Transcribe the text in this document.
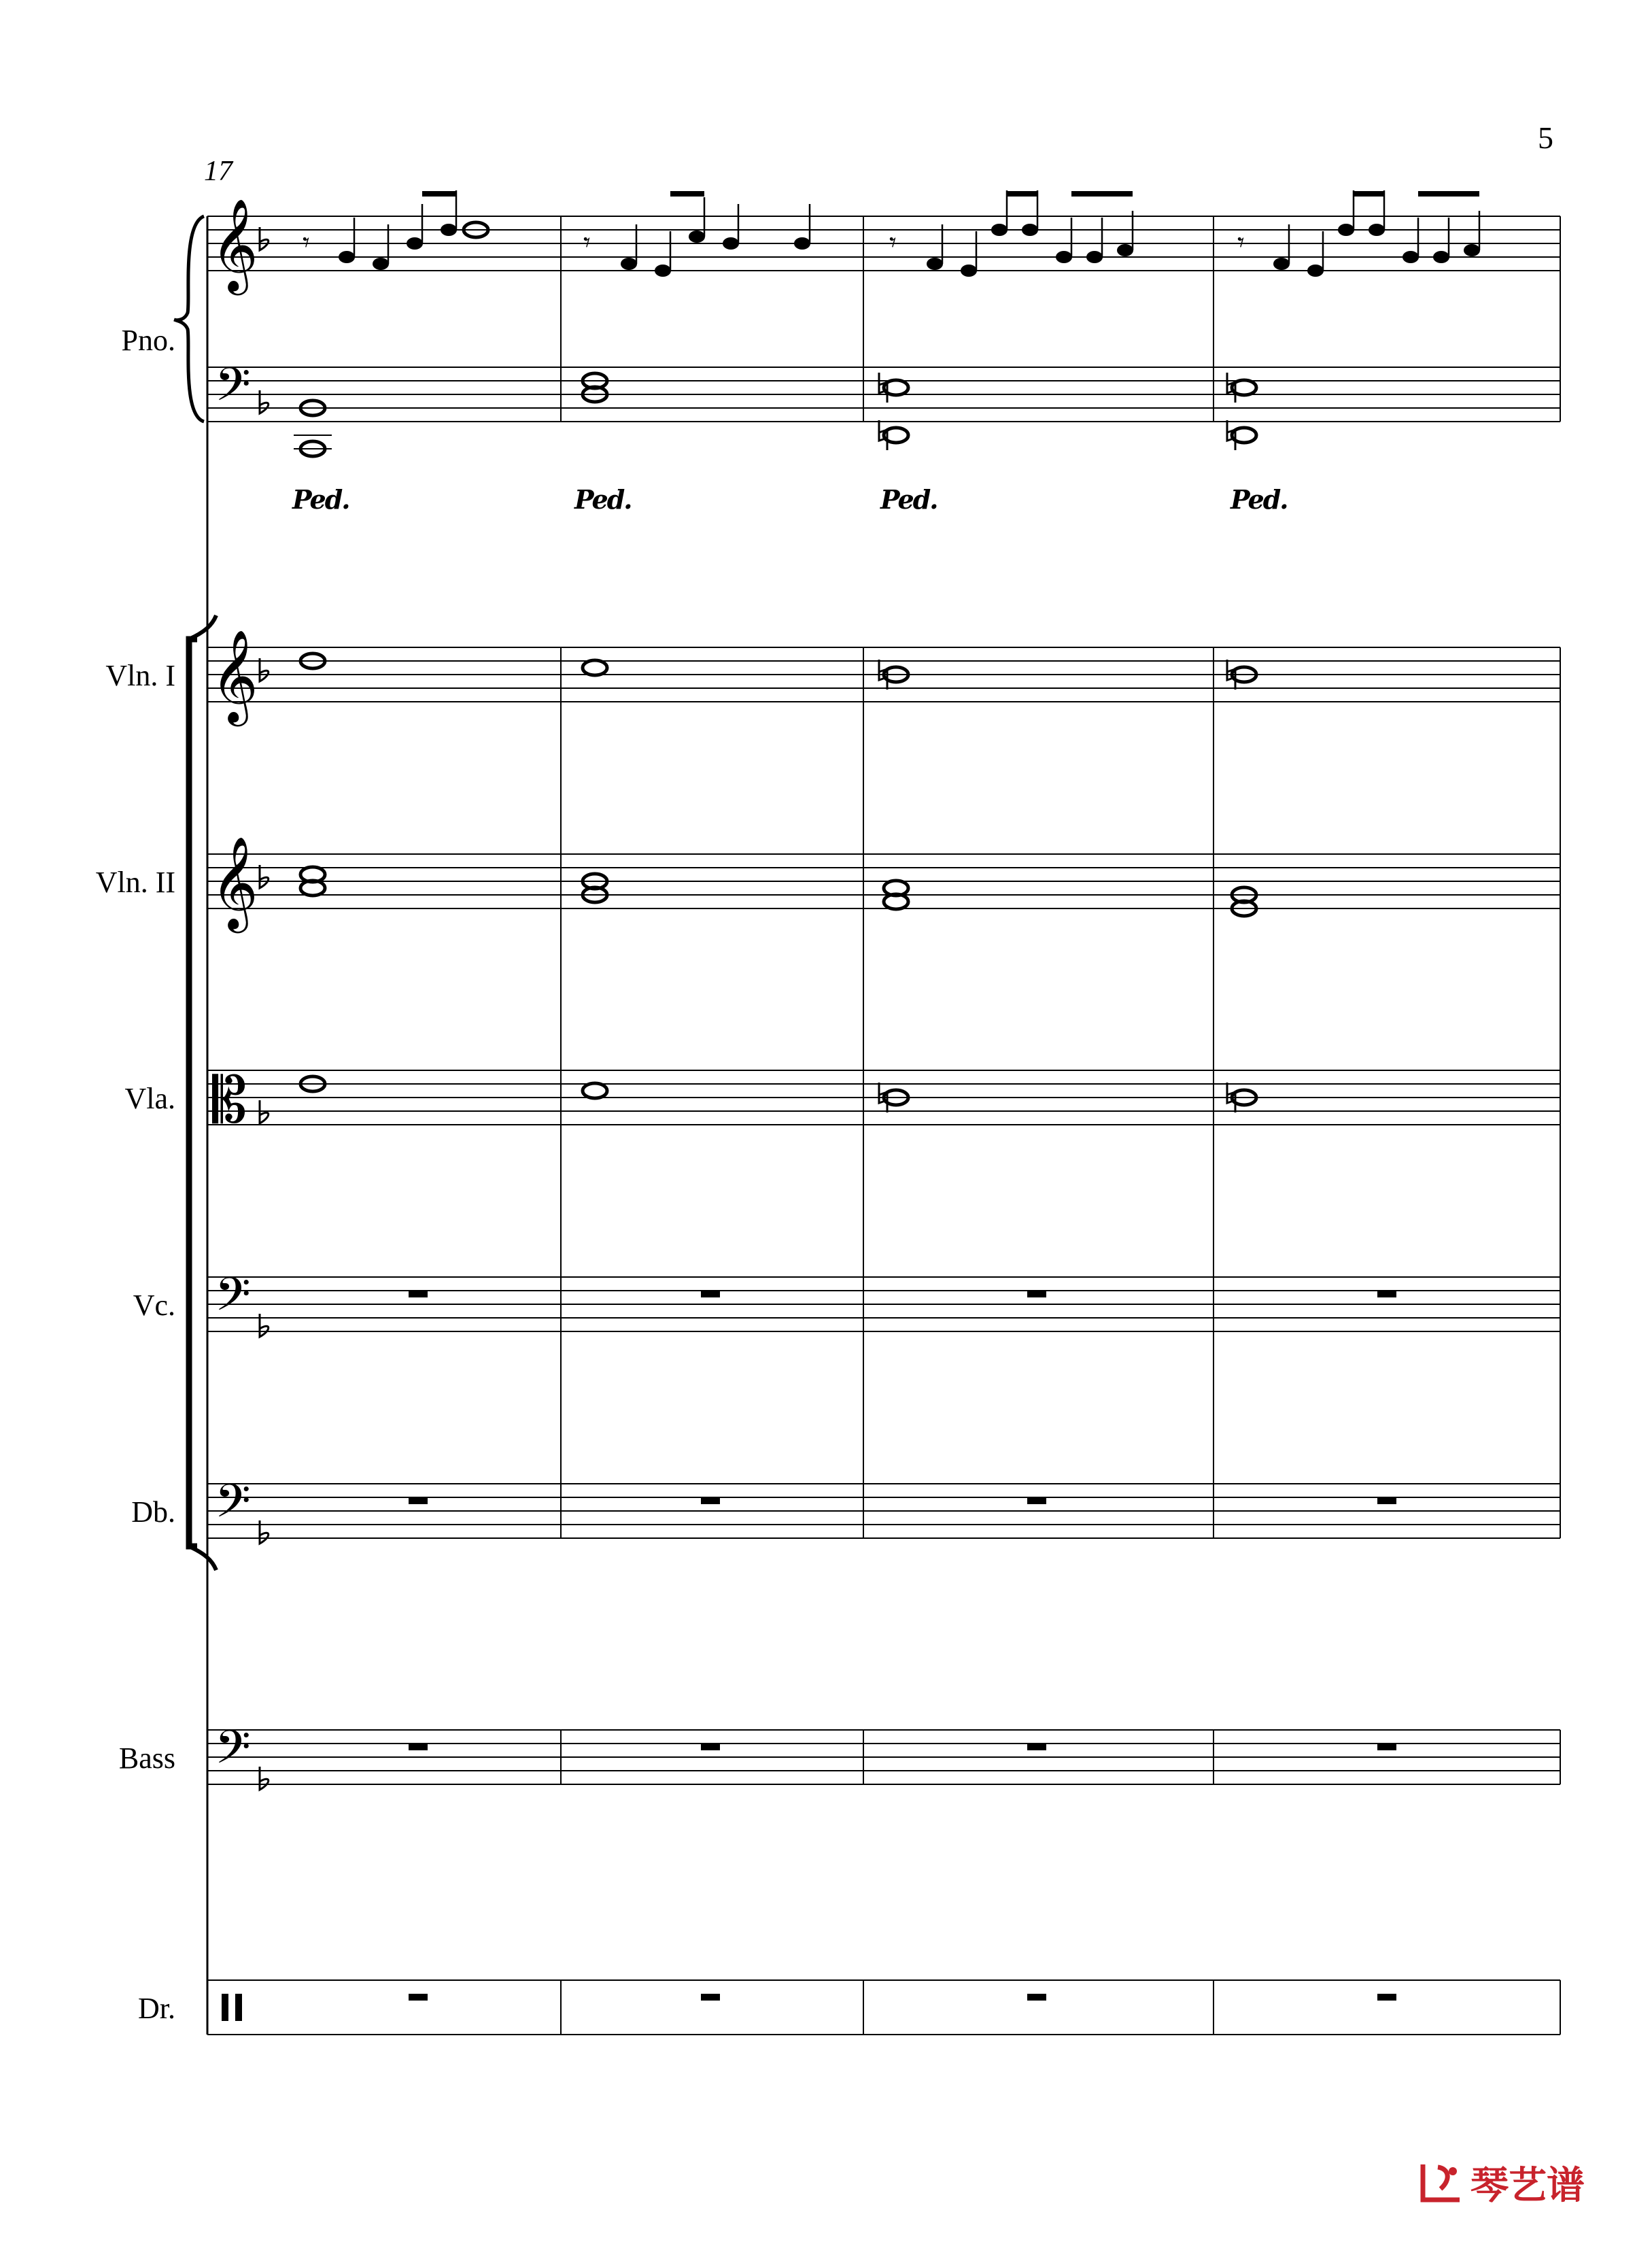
𝄞
𝄞
𝄞
𝄢
𝄢
𝄢
𝄢
𝄡
𝄾	𝄾	𝄾	𝄾
5
17
Pno.
Vln. I
Vln. II
Vla.
Vc.
Db.
Bass
Dr.
Ped.	Ped.	Ped.	Ped.
琴艺谱
